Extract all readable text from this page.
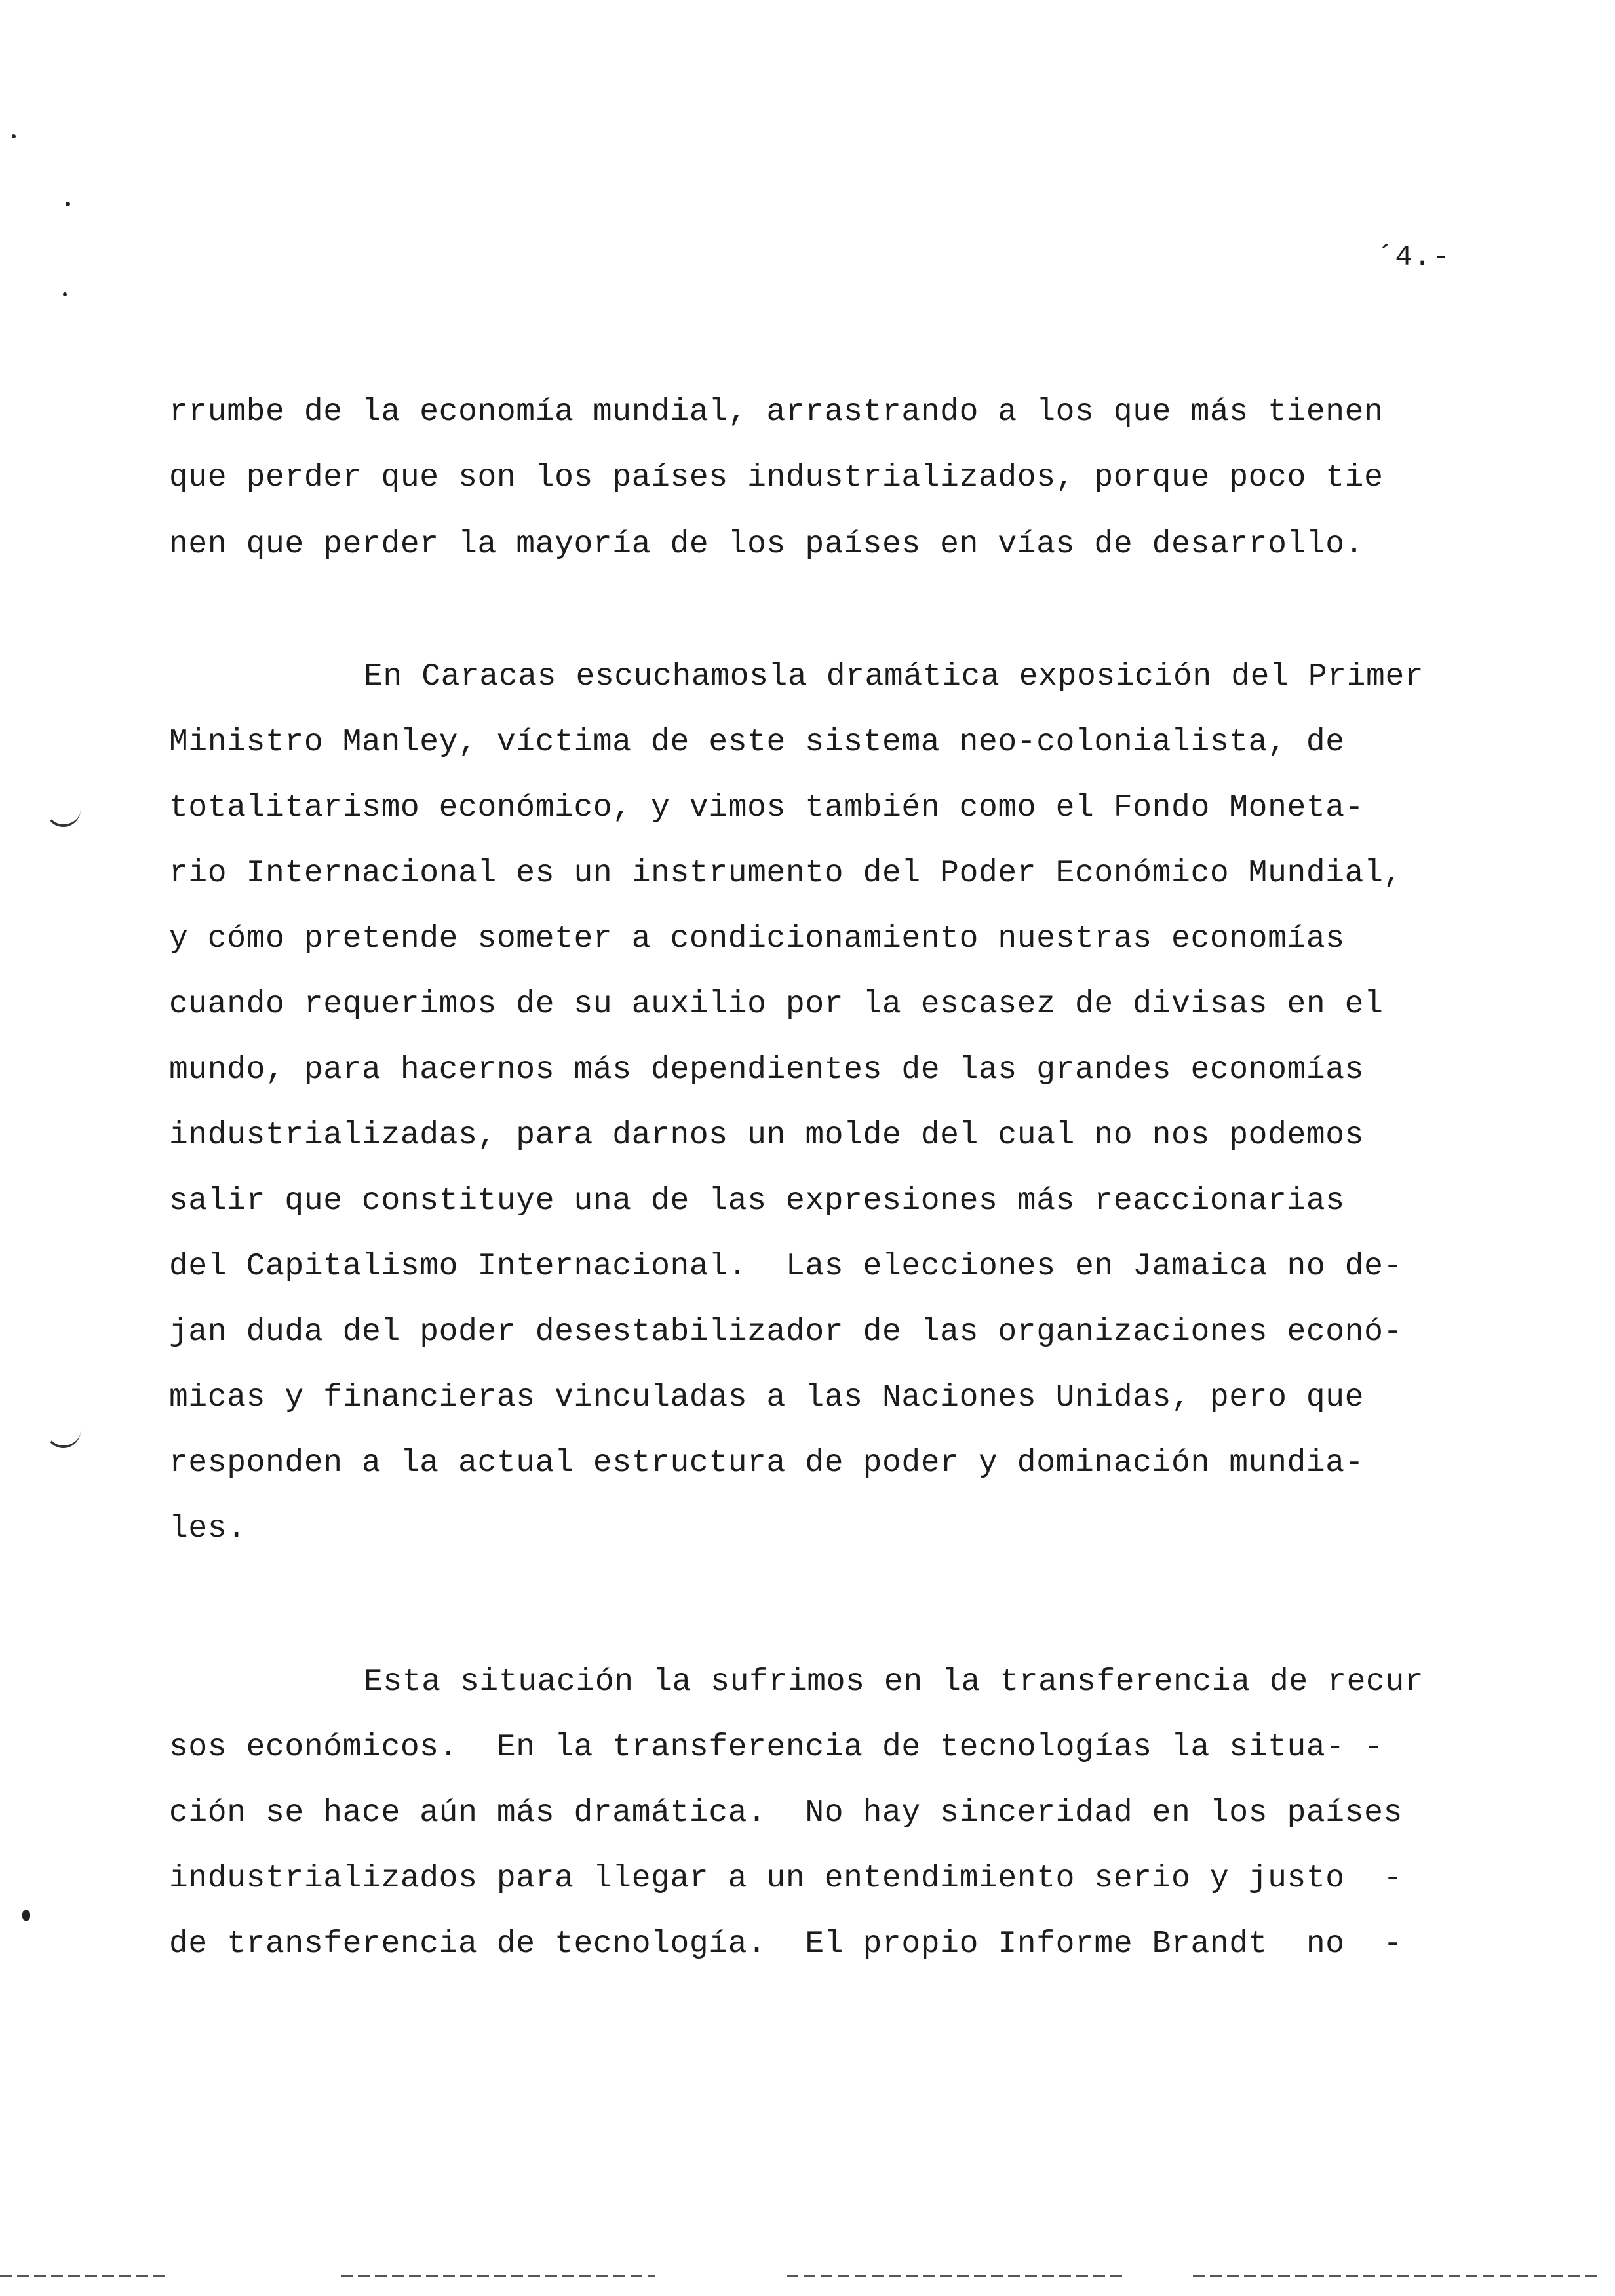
´4.-
rrumbe de la economía mundial, arrastrando a los que más tienen
que perder que son los países industrializados, porque poco tie
nen que perder la mayoría de los países en vías de desarrollo.
En Caracas escuchamosla dramática exposición del Primer
Ministro Manley, víctima de este sistema neo-colonialista, de
totalitarismo económico, y vimos también como el Fondo Moneta-
rio Internacional es un instrumento del Poder Económico Mundial,
y cómo pretende someter a condicionamiento nuestras economías
cuando requerimos de su auxilio por la escasez de divisas en el
mundo, para hacernos más dependientes de las grandes economías
industrializadas, para darnos un molde del cual no nos podemos
salir que constituye una de las expresiones más reaccionarias
del Capitalismo Internacional.  Las elecciones en Jamaica no de-
jan duda del poder desestabilizador de las organizaciones econó-
micas y financieras vinculadas a las Naciones Unidas, pero que
responden a la actual estructura de poder y dominación mundia-
les.
Esta situación la sufrimos en la transferencia de recur
sos económicos.  En la transferencia de tecnologías la situa- -
ción se hace aún más dramática.  No hay sinceridad en los países
industrializados para llegar a un entendimiento serio y justo  -
de transferencia de tecnología.  El propio Informe Brandt  no  -
